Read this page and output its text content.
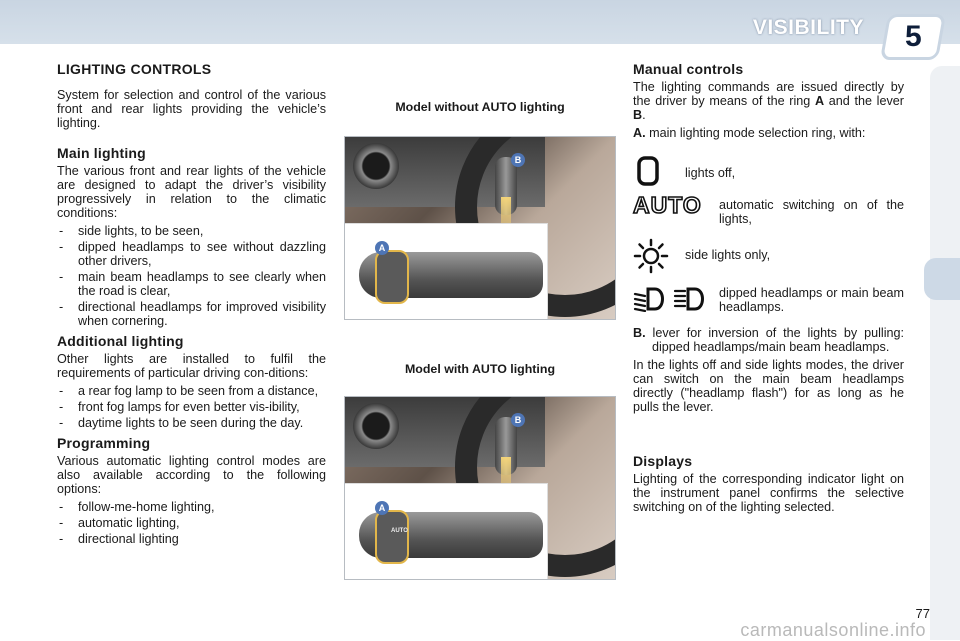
VISIBILITY 5
LIGHTING CONTROLS

System for selection and control of the various front and rear lights providing the vehicle’s lighting.

Main lighting

The various front and rear lights of the vehicle are designed to adapt the driver’s visibility progressively in relation to the climatic conditions:

- side lights, to be seen,
- dipped headlamps to see without dazzling other drivers,
- main beam headlamps to see clearly when the road is clear,
- directional headlamps for improved visibility when cornering.
Additional lighting

Other lights are installed to fulfil the requirements of particular driving con-ditions:

- a rear fog lamp to be seen from a distance,
- front fog lamps for even better vis-ibility,
- daytime lights to be seen during the day.
Programming

Various automatic lighting control modes are also available according to the following options:

- follow-me-home lighting,
- automatic lighting,
- directional lighting

Model without AUTO lighting

B
A

Model with AUTO lighting

B
AUTO
A
Manual controls

The lighting commands are issued directly by the driver by means of the ring A and the lever B.

A. main lighting mode selection ring, with:

lights off,

AUTO automatic switching on of the lights,

side lights only,

dipped headlamps or main beam headlamps.

B. lever for inversion of the lights by pulling: dipped headlamps/main beam headlamps.

In the lights off and side lights modes, the driver can switch on the main beam headlamps directly ("headlamp flash") for as long as he pulls the lever.

Displays

Lighting of the corresponding indicator light on the instrument panel confirms the selective switching on of the lighting selected.

77
carmanualsonline.info
